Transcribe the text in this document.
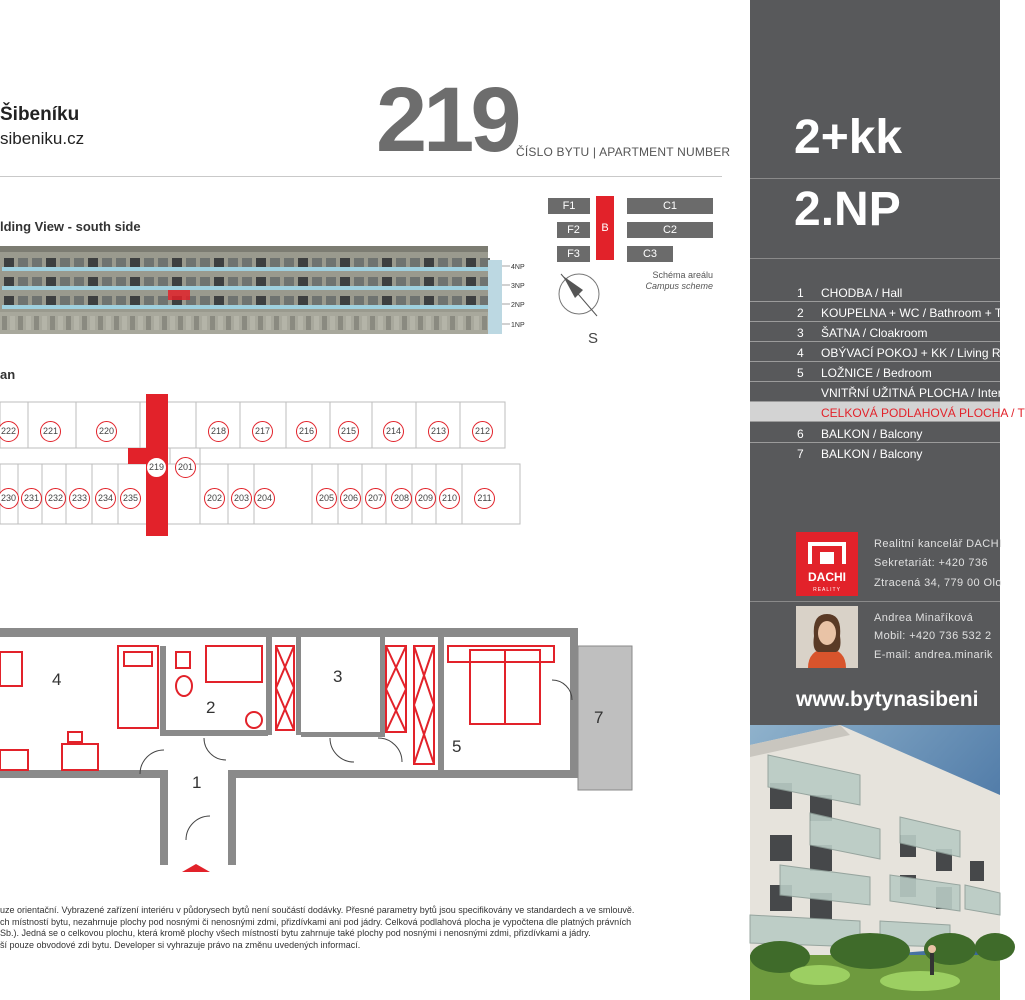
Šibeníku
sibeniku.cz	219
ČÍSLO BYTU | APARTMENT NUMBER
lding View - south side
4NP
3NP
2NP
1NP
F1
F2
F3
B
C1
C2
C3
Schéma areálu
Campus scheme
S
an
222	221	220	218	217	216	215	214	213	212
219	201
230 231 232 233	234	235	202	203 204	205 206	207	208 209 210	211
4
2
3
1
5
7
uze orientační. Vybrazené zařízení interiéru v půdorysech bytů není součástí dodávky. Přesné parametry bytů jsou specifikovány ve standardech a ve smlouvě.
ch místností bytu, nezahrnuje plochy pod nosnými či nenosnými zdmi, přizdívkami ani pod jádry. Celková podlahová plocha je vypočtena dle platných právních
Sb.). Jedná se o celkovou plochu, která kromě plochy všech místností bytu zahrnuje také plochy pod nosnými i nenosnými zdmi, přizdívkami a jádry.
ší pouze obvodové zdi bytu. Developer si vyhrazuje právo na změnu uvedených informací.
2+kk
2.NP
1	CHODBA / Hall
2	KOUPELNA + WC / Bathroom + Toilet
3	ŠATNA / Cloakroom
4	OBÝVACÍ POKOJ + KK / Living Room
5	LOŽNICE / Bedroom
VNITŘNÍ UŽITNÁ PLOCHA / Internal
CELKOVÁ PODLAHOVÁ PLOCHA / T
6	BALKON / Balcony
7	BALKON / Balcony
DACHI
REALITY
Realitní kancelář DACHI
Sekretariát: +420 736
Ztracená 34, 779 00 Olo
Andrea Minaříková
Mobil: +420 736 532 2
E-mail: andrea.minarik
www.bytynasibeni
